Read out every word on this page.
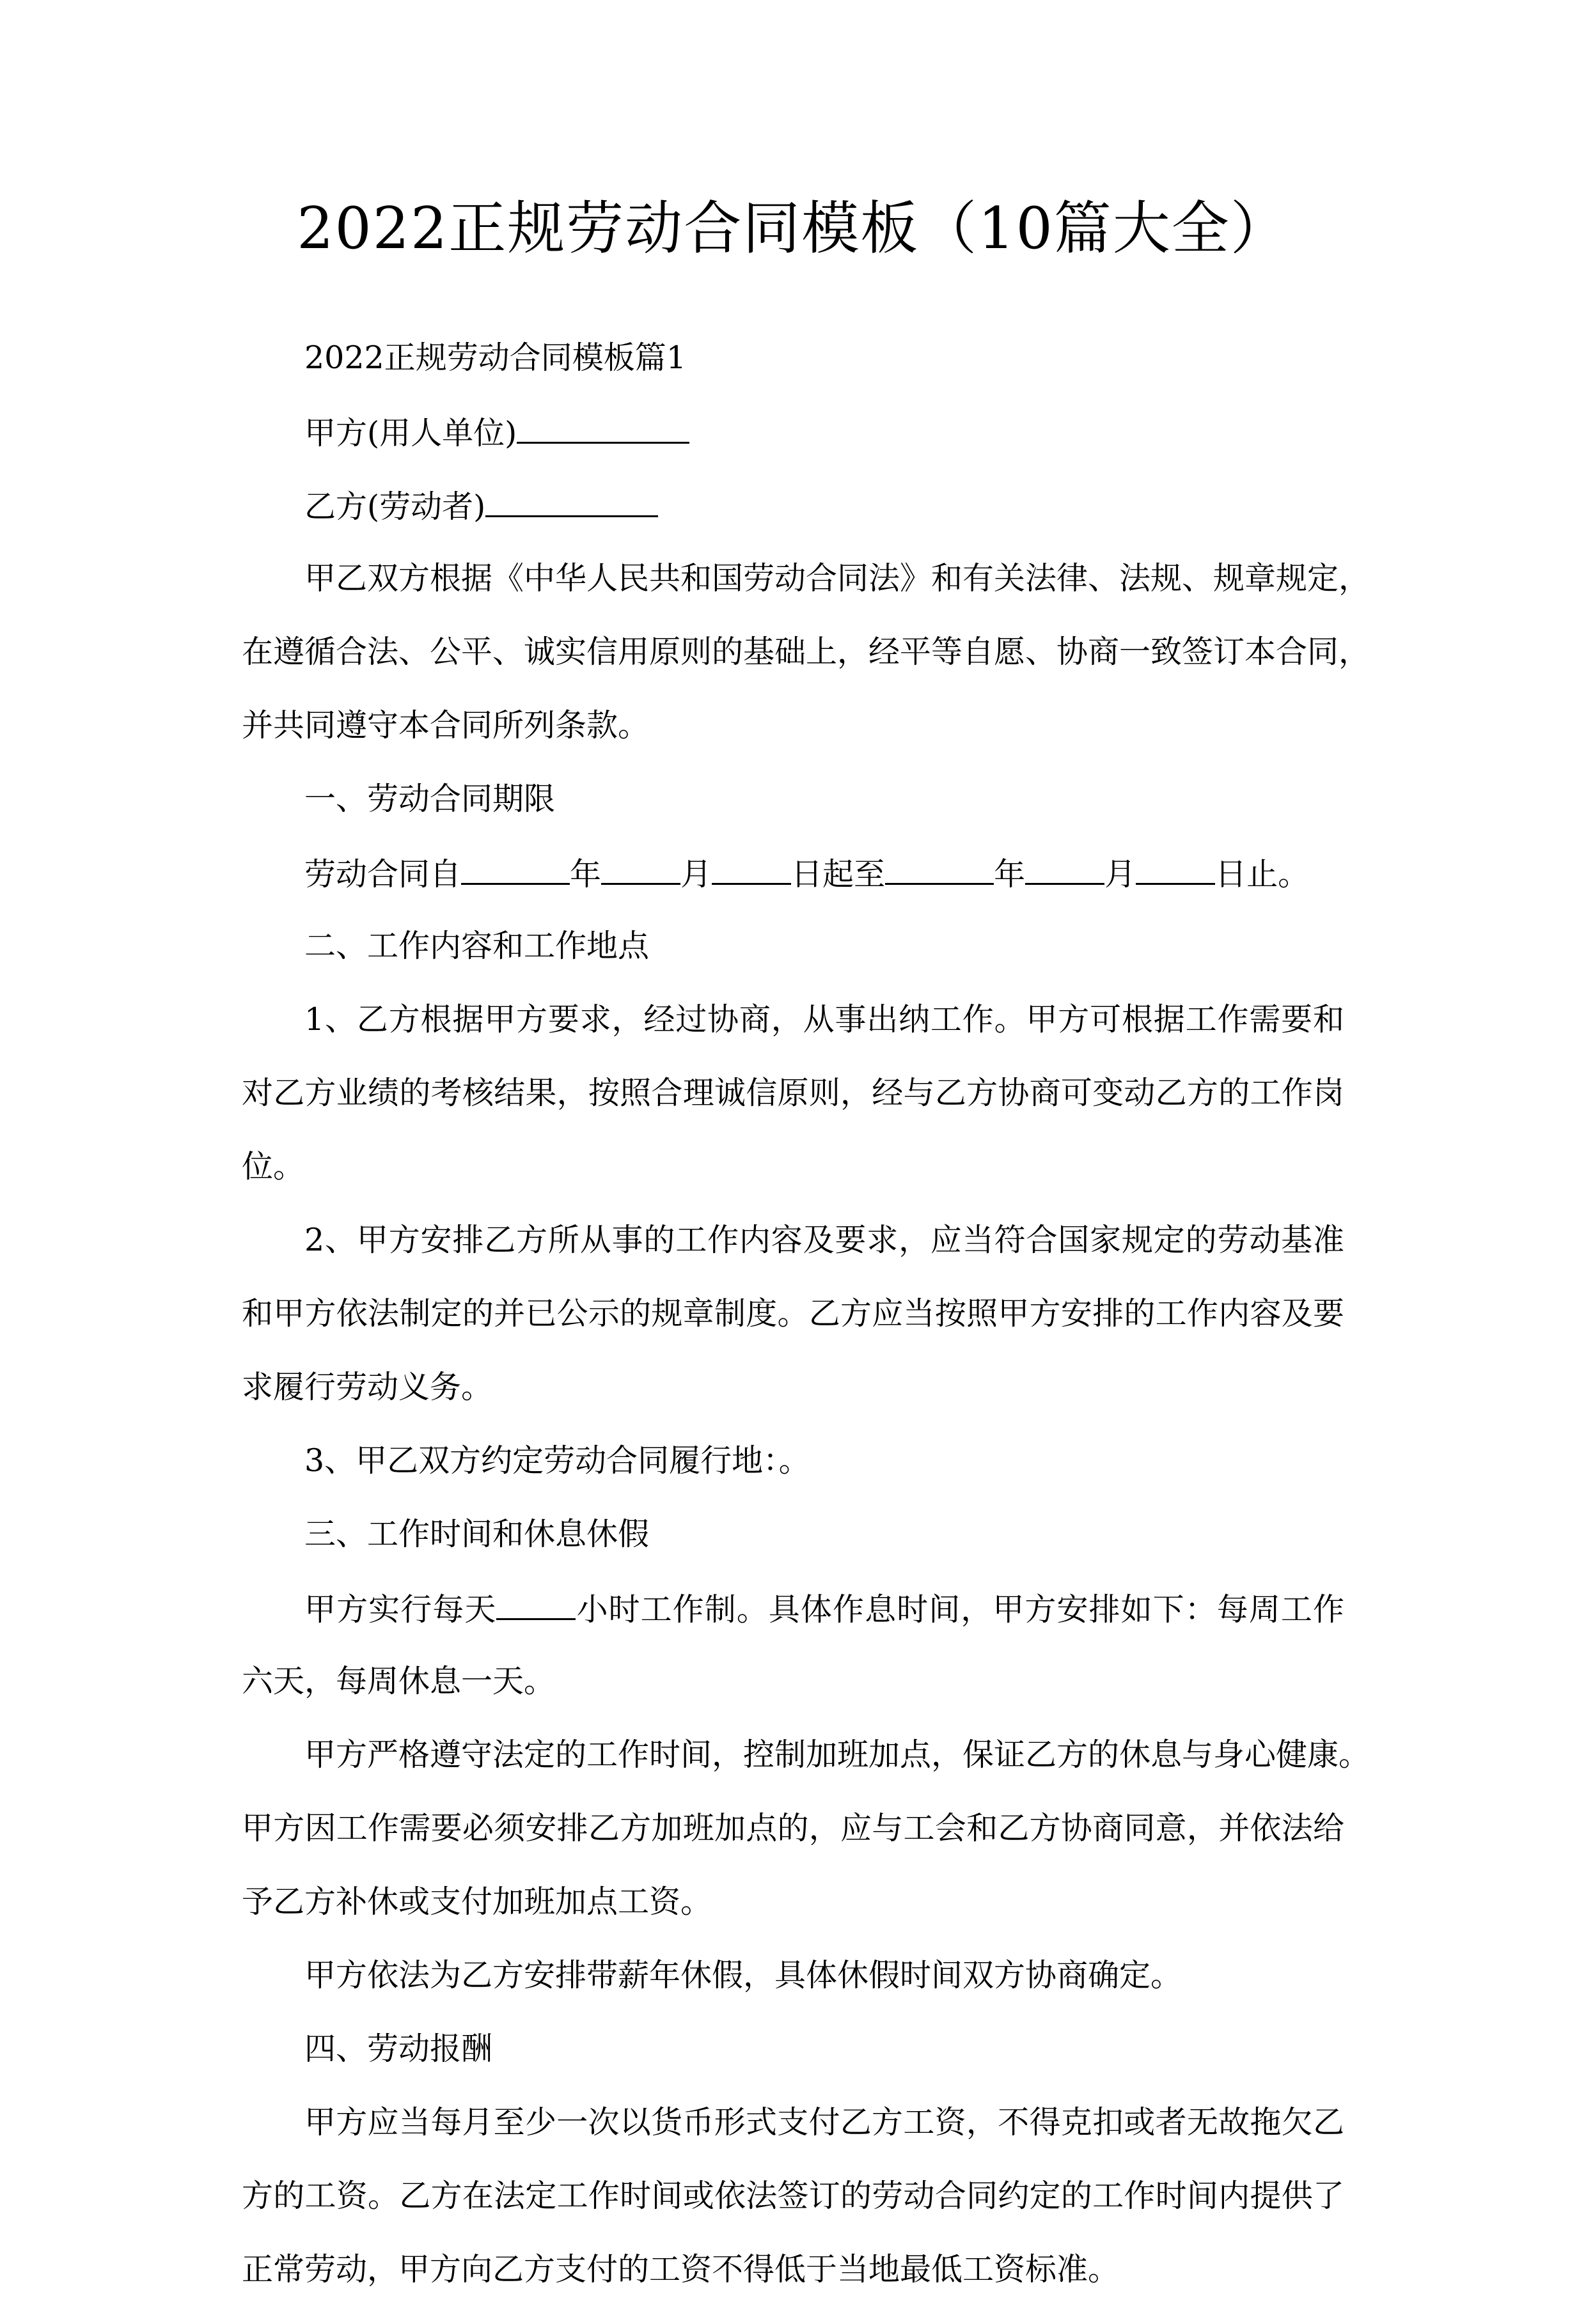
2022正规劳动合同模板（10篇大全）
2022正规劳动合同模板篇1
甲方(用人单位)
乙方(劳动者)
甲乙双方根据《中华人民共和国劳动合同法》和有关法律、法规、规章规定，
在遵循合法、公平、诚实信用原则的基础上，经平等自愿、协商一致签订本合同，
并共同遵守本合同所列条款。
一、劳动合同期限
劳动合同自	年	月	日起至	年	月	日止。
二、工作内容和工作地点
1、乙方根据甲方要求，经过协商，从事出纳工作。甲方可根据工作需要和
对乙方业绩的考核结果，按照合理诚信原则，经与乙方协商可变动乙方的工作岗
位。
2、甲方安排乙方所从事的工作内容及要求，应当符合国家规定的劳动基准
和甲方依法制定的并已公示的规章制度。乙方应当按照甲方安排的工作内容及要
求履行劳动义务。
3、甲乙双方约定劳动合同履行地：。
三、工作时间和休息休假
甲方实行每天	小时工作制。具体作息时间，甲方安排如下：每周工作
六天，每周休息一天。
甲方严格遵守法定的工作时间，控制加班加点，保证乙方的休息与身心健康。
甲方因工作需要必须安排乙方加班加点的，应与工会和乙方协商同意，并依法给
予乙方补休或支付加班加点工资。
甲方依法为乙方安排带薪年休假，具体休假时间双方协商确定。
四、劳动报酬
甲方应当每月至少一次以货币形式支付乙方工资，不得克扣或者无故拖欠乙
方的工资。乙方在法定工作时间或依法签订的劳动合同约定的工作时间内提供了
正常劳动，甲方向乙方支付的工资不得低于当地最低工资标准。
